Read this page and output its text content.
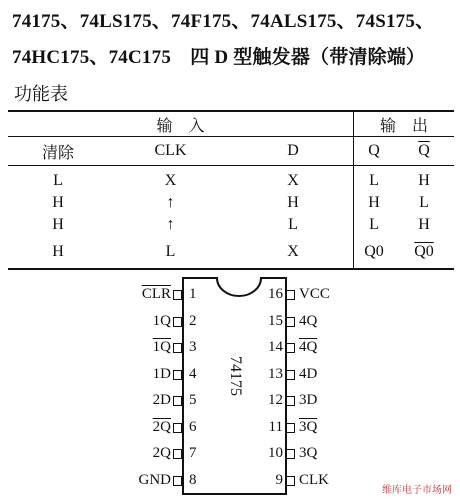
74175、74LS175、74F175、74ALS175、74S175、
74HC175、74C175　四 D 型触发器（带清除端）
功能表
输　入			输　出	
清除	CLK	D	Q	$\overline{Q}$
L	X	X	L	H
H	↑	H	H	L
H	↑	L	L	H
H	L	X	Q0	Q0
74175
$\overline{CLR}$ 1
1Q 2
1Q 3
1D 4
2D 5
2Q 6
2Q 7
GND 8
16 VCC
15 4Q
14 4Q
13 4D
12 3D
11 3Q
10 3Q
9 CLK
维库电子市场网
